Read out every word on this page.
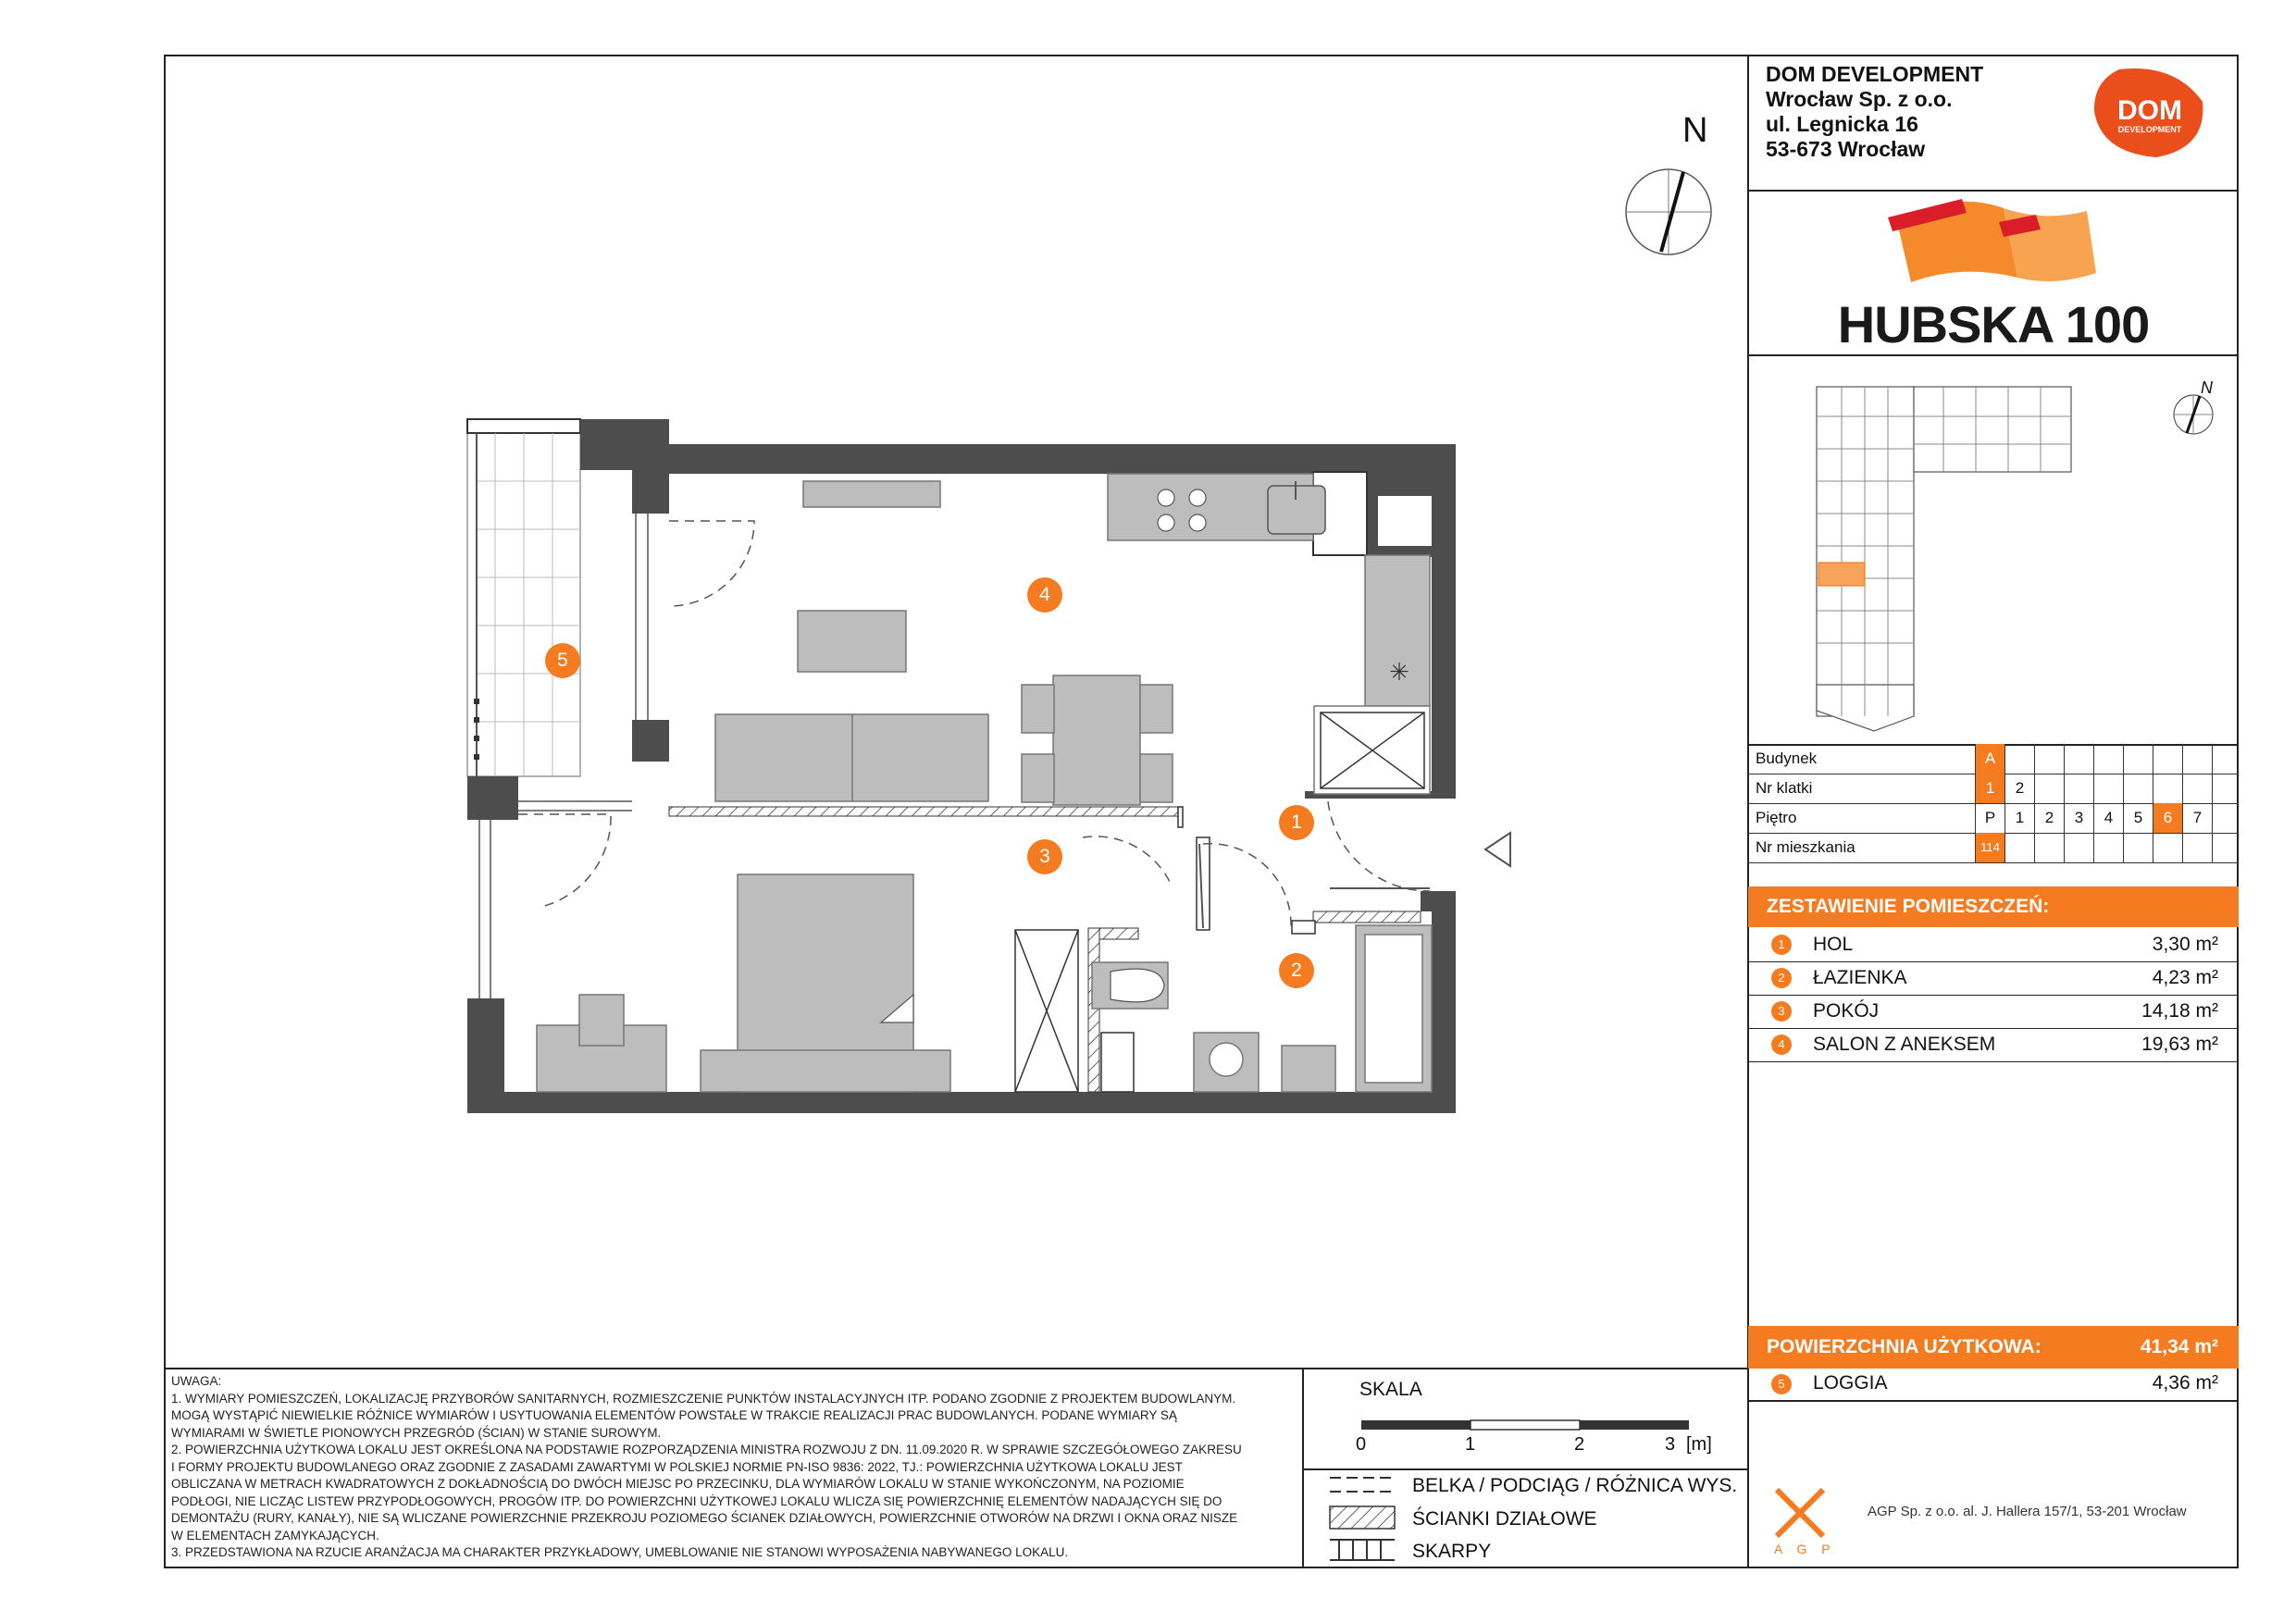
✳
DOM
DEVELOPMENT
N
N
DOM DEVELOPMENT
Wrocław Sp. z o.o.
ul. Legnicka 16
53-673 Wrocław
HUBSKA 100
Budynek	A
Nr klatki	1	2
Piętro	P	1	2	3	4	5	6	7
Nr mieszkania	114
ZESTAWIENIE POMIESZCZEŃ:
1	HOL	3,30 m²
2	ŁAZIENKA	4,23 m²
3	POKÓJ	14,18 m²
4	SALON Z ANEKSEM	19,63 m²
POWIERZCHNIA UŻYTKOWA:	41,34 m²
5	LOGGIA	4,36 m²
A G P
AGP Sp. z o.o. al. J. Hallera 157/1, 53-201 Wrocław
SKALA
0	1	2	3 [m]
BELKA / PODCIĄG / RÓŻNICA WYS.
ŚCIANKI DZIAŁOWE
SKARPY
UWAGA:
1. WYMIARY POMIESZCZEŃ, LOKALIZACJĘ PRZYBORÓW SANITARNYCH, ROZMIESZCZENIE PUNKTÓW INSTALACYJNYCH ITP. PODANO ZGODNIE Z PROJEKTEM BUDOWLANYM.
MOGĄ WYSTĄPIĆ NIEWIELKIE RÓŻNICE WYMIARÓW I USYTUOWANIA ELEMENTÓW POWSTAŁE W TRAKCIE REALIZACJI PRAC BUDOWLANYCH. PODANE WYMIARY SĄ
WYMIARAMI W ŚWIETLE PIONOWYCH PRZEGRÓD (ŚCIAN) W STANIE SUROWYM.
2. POWIERZCHNIA UŻYTKOWA LOKALU JEST OKREŚLONA NA PODSTAWIE ROZPORZĄDZENIA MINISTRA ROZWOJU Z DN. 11.09.2020 R. W SPRAWIE SZCZEGÓŁOWEGO ZAKRESU
I FORMY PROJEKTU BUDOWLANEGO ORAZ ZGODNIE Z ZASADAMI ZAWARTYMI W POLSKIEJ NORMIE PN-ISO 9836: 2022, TJ.: POWIERZCHNIA UŻYTKOWA LOKALU JEST
OBLICZANA W METRACH KWADRATOWYCH Z DOKŁADNOŚCIĄ DO DWÓCH MIEJSC PO PRZECINKU, DLA WYMIARÓW LOKALU W STANIE WYKOŃCZONYM, NA POZIOMIE
PODŁOGI, NIE LICZĄC LISTEW PRZYPODŁOGOWYCH, PROGÓW ITP. DO POWIERZCHNI UŻYTKOWEJ LOKALU WLICZA SIĘ POWIERZCHNIĘ ELEMENTÓW NADAJĄCYCH SIĘ DO
DEMONTAŻU (RURY, KANAŁY), NIE SĄ WLICZANE POWIERZCHNIE PRZEKROJU POZIOMEGO ŚCIANEK DZIAŁOWYCH, POWIERZCHNIE OTWORÓW NA DRZWI I OKNA ORAZ NISZE
W ELEMENTACH ZAMYKAJĄCYCH.
3. PRZEDSTAWIONA NA RZUCIE ARANŻACJA MA CHARAKTER PRZYKŁADOWY, UMEBLOWANIE NIE STANOWI WYPOSAŻENIA NABYWANEGO LOKALU.
4
5
1
3
2
